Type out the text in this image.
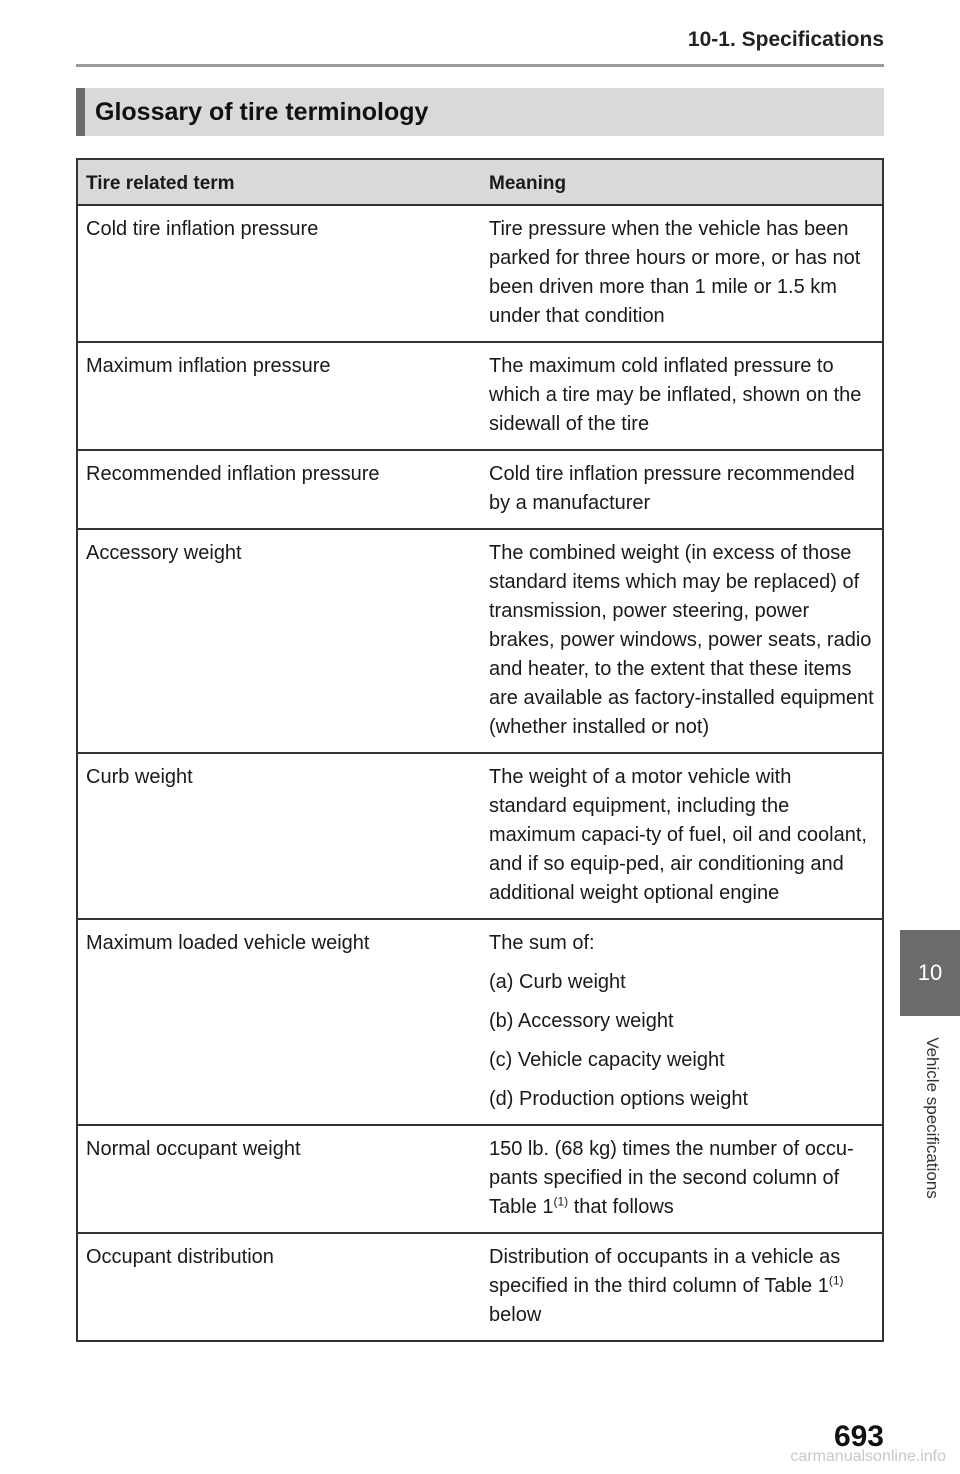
10-1. Specifications
Glossary of tire terminology
Tire related term	Meaning
Cold tire inflation pressure	Tire pressure when the vehicle has been parked for three hours or more, or has not been driven more than 1 mile or 1.5 km under that condition

Maximum inflation pressure	The maximum cold inflated pressure to which a tire may be inflated, shown on the sidewall of the tire

Recommended inflation pressure	Cold tire inflation pressure recommended by a manufacturer

Accessory weight	The combined weight (in excess of those standard items which may be replaced) of transmission, power steering, power brakes, power windows, power seats, radio and heater, to the extent that these items are available as factory-installed equipment (whether installed or not)

Curb weight	The weight of a motor vehicle with standard equipment, including the maximum capaci-ty of fuel, oil and coolant, and if so equip-ped, air conditioning and additional weight optional engine

Maximum loaded vehicle weight	The sum of:
(a) Curb weight
(b) Accessory weight
(c) Vehicle capacity weight
(d) Production options weight

Normal occupant weight	150 lb. (68 kg) times the number of occu-pants specified in the second column of Table 1$^{(1)}$ that follows

Occupant distribution	Distribution of occupants in a vehicle as specified in the third column of Table 1$^{(1)}$ below
10
Vehicle specifications
693
carmanualsonline.info
